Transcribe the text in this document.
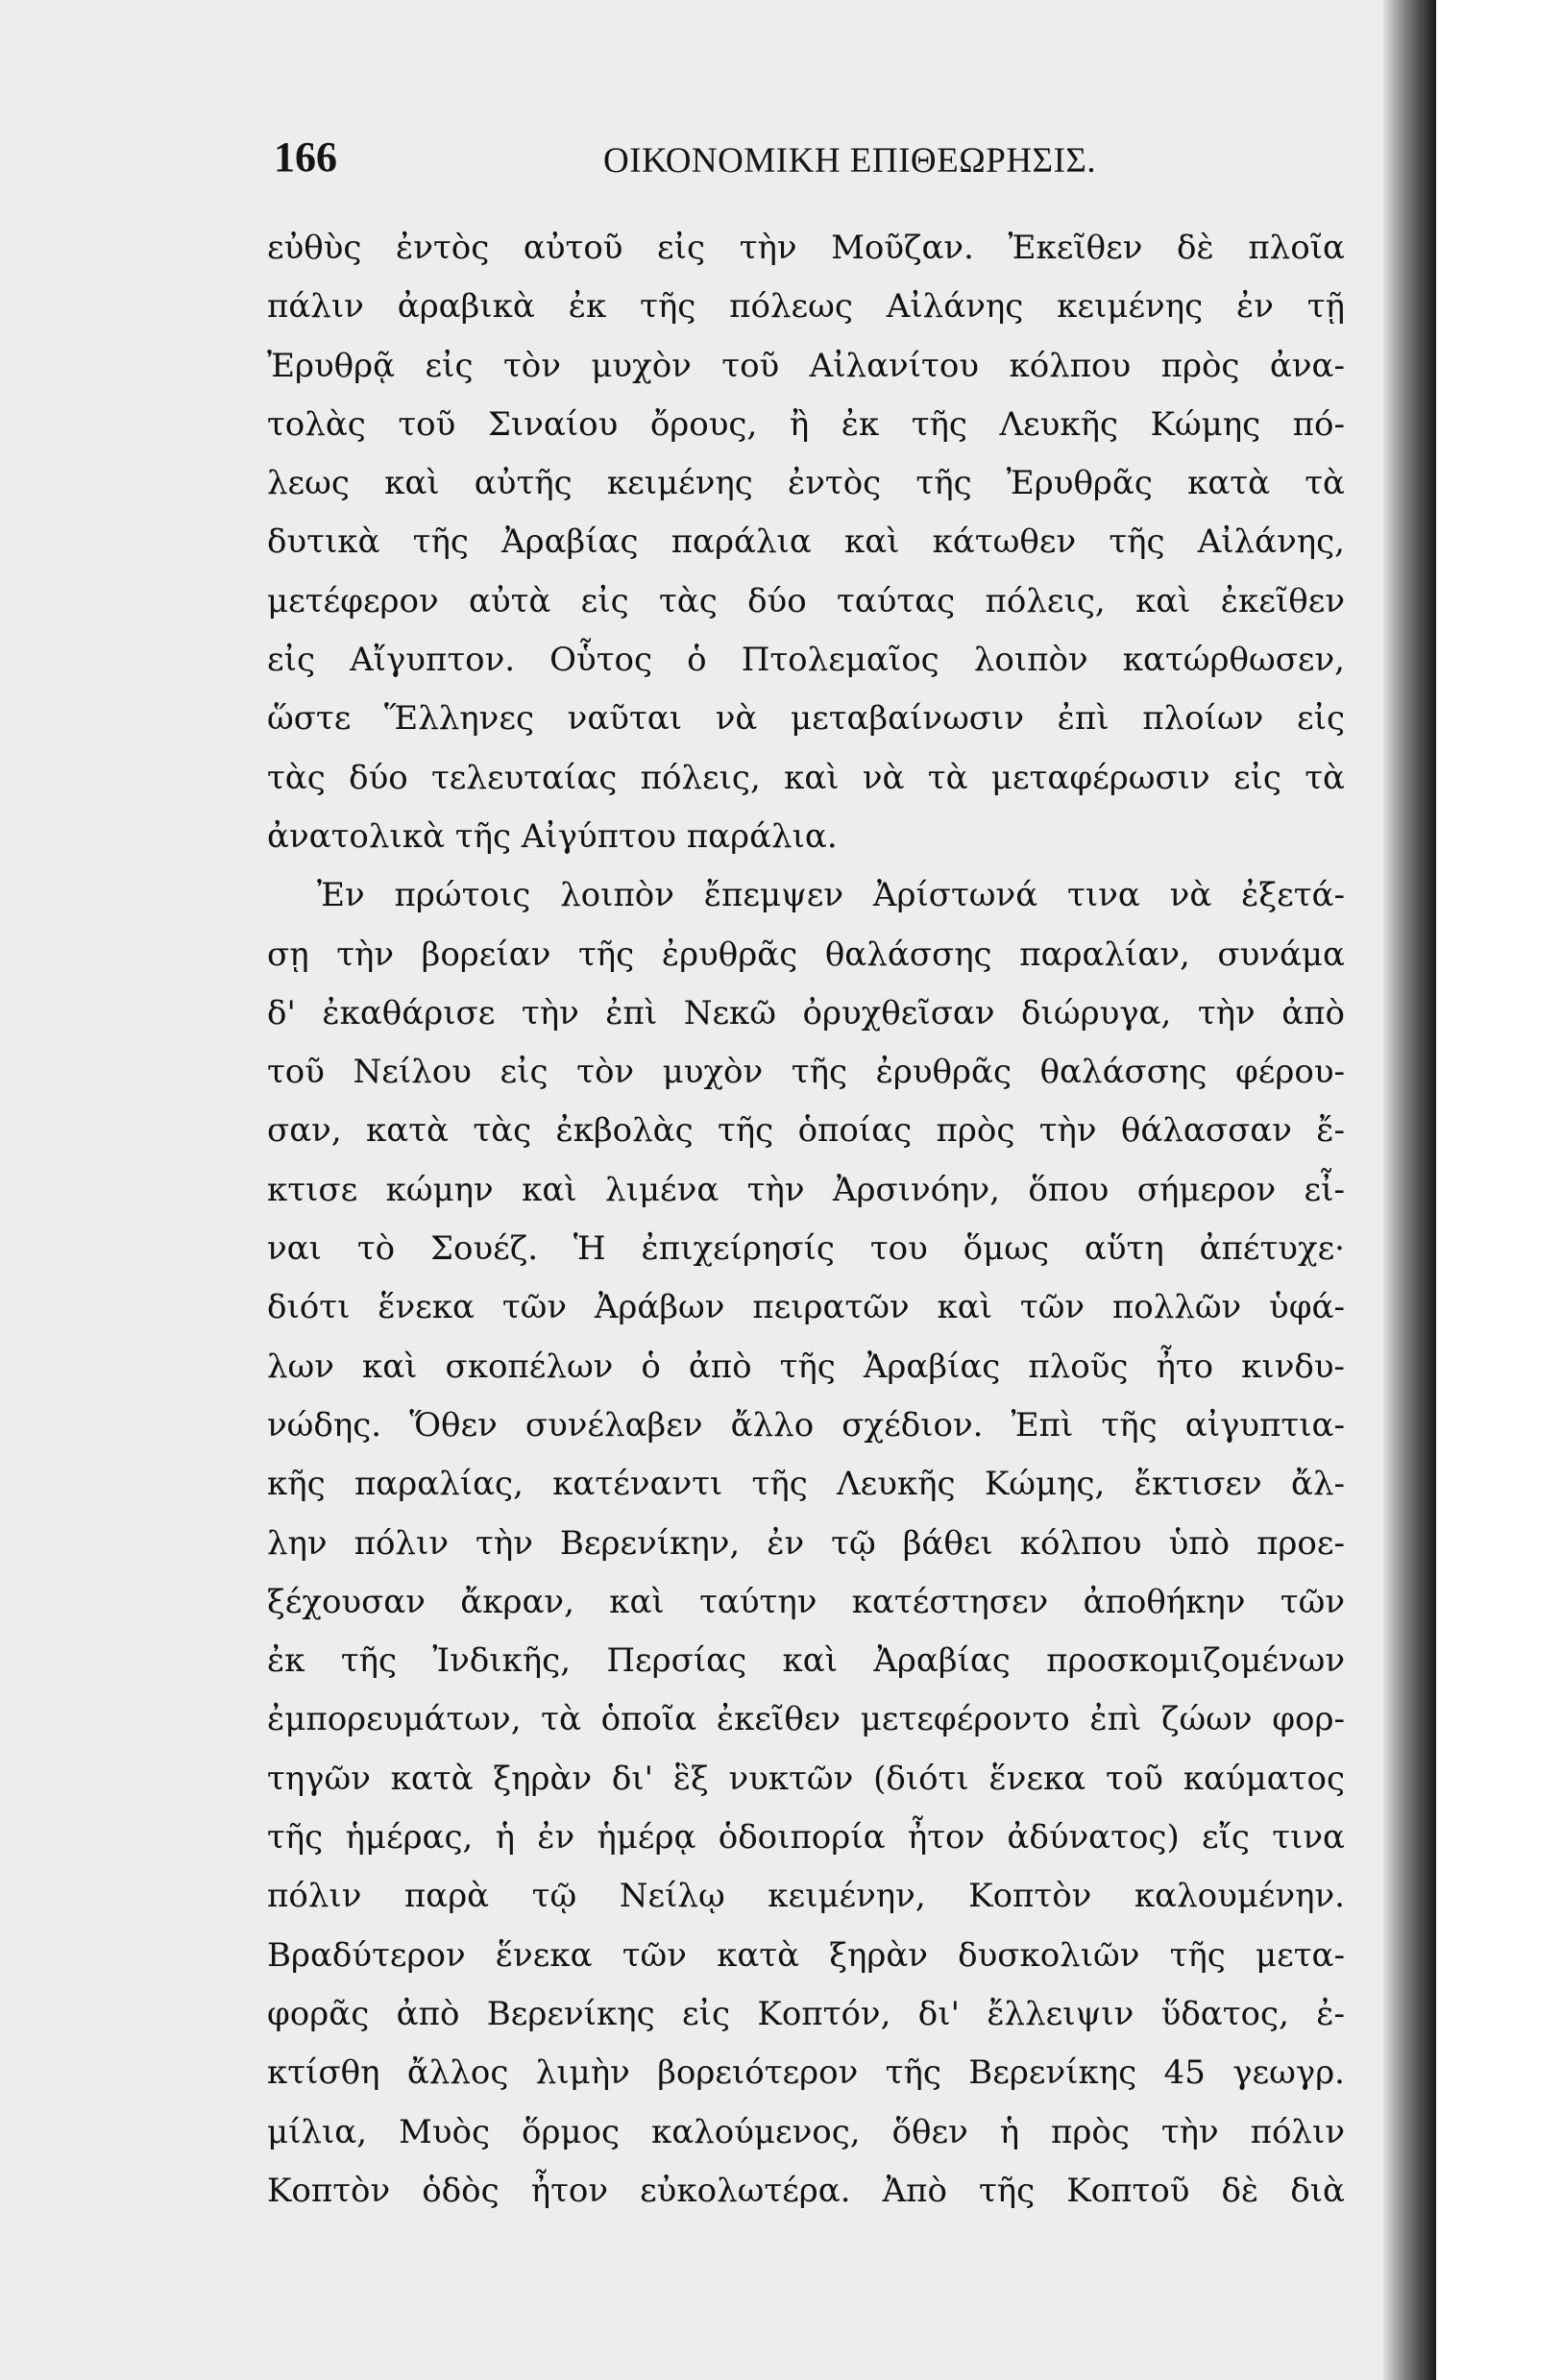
166	ΟΙΚΟΝΟΜΙΚΗ ΕΠΙΘΕΩΡΗΣΙΣ.
εὐθὺς ἐντὸς αὐτοῦ εἰς τὴν Μοῦζαν. Ἐκεῖθεν δὲ πλοῖα
πάλιν ἀραβικὰ ἐκ τῆς πόλεως Αἰλάνης κειμένης ἐν τῇ
Ἐρυθρᾷ εἰς τὸν μυχὸν τοῦ Αἰλανίτου κόλπου πρὸς ἀνα-
τολὰς τοῦ Σιναίου ὄρους, ἢ ἐκ τῆς Λευκῆς Κώμης πό-
λεως καὶ αὐτῆς κειμένης ἐντὸς τῆς Ἐρυθρᾶς κατὰ τὰ
δυτικὰ τῆς Ἀραβίας παράλια καὶ κάτωθεν τῆς Αἰλάνης,
μετέφερον αὐτὰ εἰς τὰς δύο ταύτας πόλεις, καὶ ἐκεῖθεν
εἰς Αἴγυπτον. Οὗτος ὁ Πτολεμαῖος λοιπὸν κατώρθωσεν,
ὥστε Ἕλληνες ναῦται νὰ μεταβαίνωσιν ἐπὶ πλοίων εἰς
τὰς δύο τελευταίας πόλεις, καὶ νὰ τὰ μεταφέρωσιν εἰς τὰ
ἀνατολικὰ τῆς Αἰγύπτου παράλια.
Ἐν πρώτοις λοιπὸν ἔπεμψεν Ἀρίστωνά τινα νὰ ἐξετά-
σῃ τὴν βορείαν τῆς ἐρυθρᾶς θαλάσσης παραλίαν, συνάμα
δ' ἐκαθάρισε τὴν ἐπὶ Νεκῶ ὀρυχθεῖσαν διώρυγα, τὴν ἀπὸ
τοῦ Νείλου εἰς τὸν μυχὸν τῆς ἐρυθρᾶς θαλάσσης φέρου-
σαν, κατὰ τὰς ἐκβολὰς τῆς ὁποίας πρὸς τὴν θάλασσαν ἔ-
κτισε κώμην καὶ λιμένα τὴν Ἀρσινόην, ὅπου σήμερον εἶ-
ναι τὸ Σουέζ. Ἡ ἐπιχείρησίς του ὅμως αὕτη ἀπέτυχε·
διότι ἕνεκα τῶν Ἀράβων πειρατῶν καὶ τῶν πολλῶν ὑφά-
λων καὶ σκοπέλων ὁ ἀπὸ τῆς Ἀραβίας πλοῦς ἦτο κινδυ-
νώδης. Ὅθεν συνέλαβεν ἄλλο σχέδιον. Ἐπὶ τῆς αἰγυπτια-
κῆς παραλίας, κατέναντι τῆς Λευκῆς Κώμης, ἔκτισεν ἄλ-
λην πόλιν τὴν Βερενίκην, ἐν τῷ βάθει κόλπου ὑπὸ προε-
ξέχουσαν ἄκραν, καὶ ταύτην κατέστησεν ἀποθήκην τῶν
ἐκ τῆς Ἰνδικῆς, Περσίας καὶ Ἀραβίας προσκομιζομένων
ἐμπορευμάτων, τὰ ὁποῖα ἐκεῖθεν μετεφέροντο ἐπὶ ζώων φορ-
τηγῶν κατὰ ξηρὰν δι' ἓξ νυκτῶν (διότι ἕνεκα τοῦ καύματος
τῆς ἡμέρας, ἡ ἐν ἡμέρᾳ ὁδοιπορία ἦτον ἀδύνατος) εἴς τινα
πόλιν παρὰ τῷ Νείλῳ κειμένην, Κοπτὸν καλουμένην.
Βραδύτερον ἕνεκα τῶν κατὰ ξηρὰν δυσκολιῶν τῆς μετα-
φορᾶς ἀπὸ Βερενίκης εἰς Κοπτόν, δι' ἔλλειψιν ὕδατος, ἐ-
κτίσθη ἄλλος λιμὴν βορειότερον τῆς Βερενίκης 45 γεωγρ.
μίλια, Μυὸς ὅρμος καλούμενος, ὅθεν ἡ πρὸς τὴν πόλιν
Κοπτὸν ὁδὸς ἦτον εὐκολωτέρα. Ἀπὸ τῆς Κοπτοῦ δὲ διὰ
